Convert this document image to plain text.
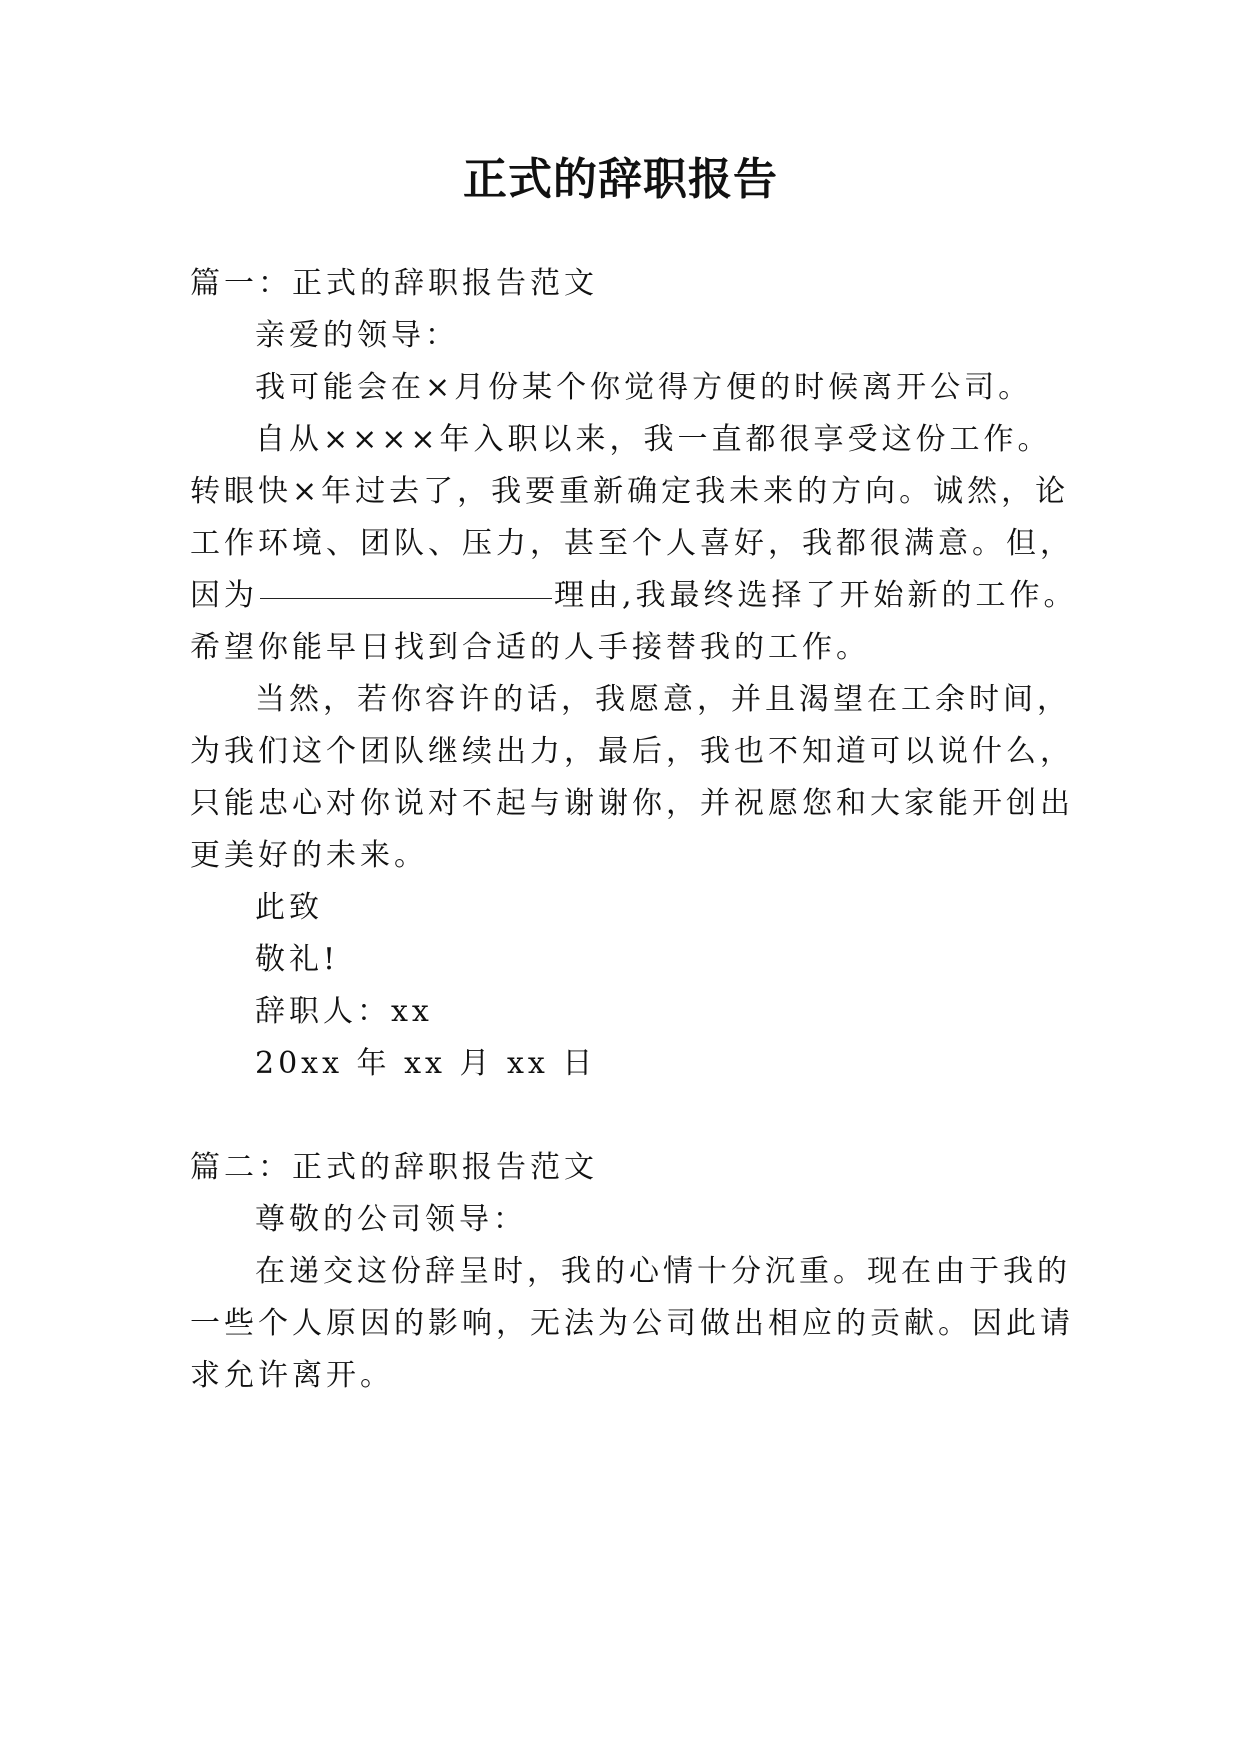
正式的辞职报告
篇一：正式的辞职报告范文
亲爱的领导：
我可能会在×月份某个你觉得方便的时候离开公司。
自从××××年入职以来，我一直都很享受这份工作。
转眼快×年过去了，我要重新确定我未来的方向。诚然，论
工作环境、团队、压力，甚至个人喜好，我都很满意。但，
因为	理由,我最终选择了开始新的工作。
希望你能早日找到合适的人手接替我的工作。
当然，若你容许的话，我愿意，并且渴望在工余时间，
为我们这个团队继续出力，最后，我也不知道可以说什么，
只能忠心对你说对不起与谢谢你，并祝愿您和大家能开创出
更美好的未来。
此致
敬礼!
辞职人：xx
20xx 年 xx 月 xx 日
篇二：正式的辞职报告范文
尊敬的公司领导：
在递交这份辞呈时，我的心情十分沉重。现在由于我的
一些个人原因的影响，无法为公司做出相应的贡献。因此请
求允许离开。
